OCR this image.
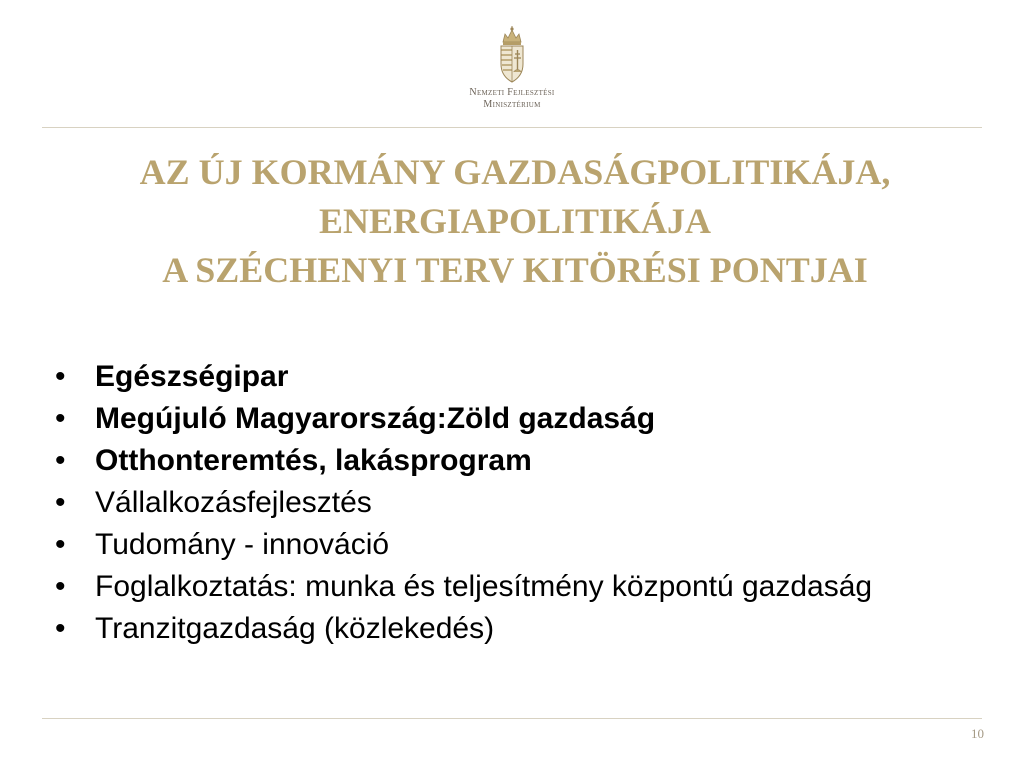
Nemzeti Fejlesztési
Minisztérium
AZ ÚJ KORMÁNY GAZDASÁGPOLITIKÁJA,
ENERGIAPOLITIKÁJA
A SZÉCHENYI TERV KITÖRÉSI PONTJAI
• Egészségipar
• Megújuló Magyarország:Zöld gazdaság
• Otthonteremtés, lakásprogram
• Vállalkozásfejlesztés
• Tudomány - innováció
• Foglalkoztatás: munka és teljesítmény központú gazdaság
• Tranzitgazdaság (közlekedés)
10
